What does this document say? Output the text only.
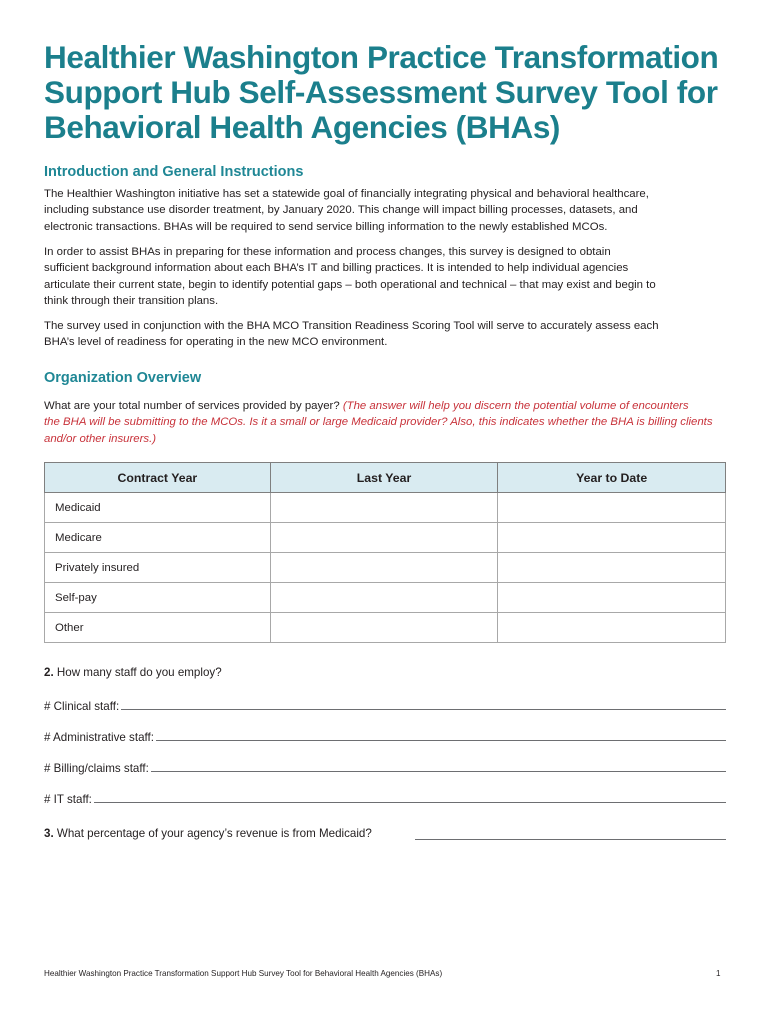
Healthier Washington Practice Transformation
Support Hub Self-Assessment Survey Tool for
Behavioral Health Agencies (BHAs)
Introduction and General Instructions

The Healthier Washington initiative has set a statewide goal of financially integrating physical and behavioral healthcare,
including substance use disorder treatment, by January 2020. This change will impact billing processes, datasets, and
electronic transactions. BHAs will be required to send service billing information to the newly established MCOs.

In order to assist BHAs in preparing for these information and process changes, this survey is designed to obtain
sufficient background information about each BHA’s IT and billing practices. It is intended to help individual agencies
articulate their current state, begin to identify potential gaps – both operational and technical – that may exist and begin to
think through their transition plans.

The survey used in conjunction with the BHA MCO Transition Readiness Scoring Tool will serve to accurately assess each
BHA’s level of readiness for operating in the new MCO environment.

Organization Overview

What are your total number of services provided by payer? (The answer will help you discern the potential volume of encounters
the BHA will be submitting to the MCOs. Is it a small or large Medicaid provider? Also, this indicates whether the BHA is billing clients
and/or other insurers.)

Contract Year	Last Year	Year to Date
Medicaid		
Medicare		
Privately insured		
Self-pay		
Other		
2. How many staff do you employ?
# Clinical staff:
# Administrative staff:
# Billing/claims staff:
# IT staff:
3. What percentage of your agency’s revenue is from Medicaid?
Healthier Washington Practice Transformation Support Hub Survey Tool for Behavioral Health Agencies (BHAs)	1
